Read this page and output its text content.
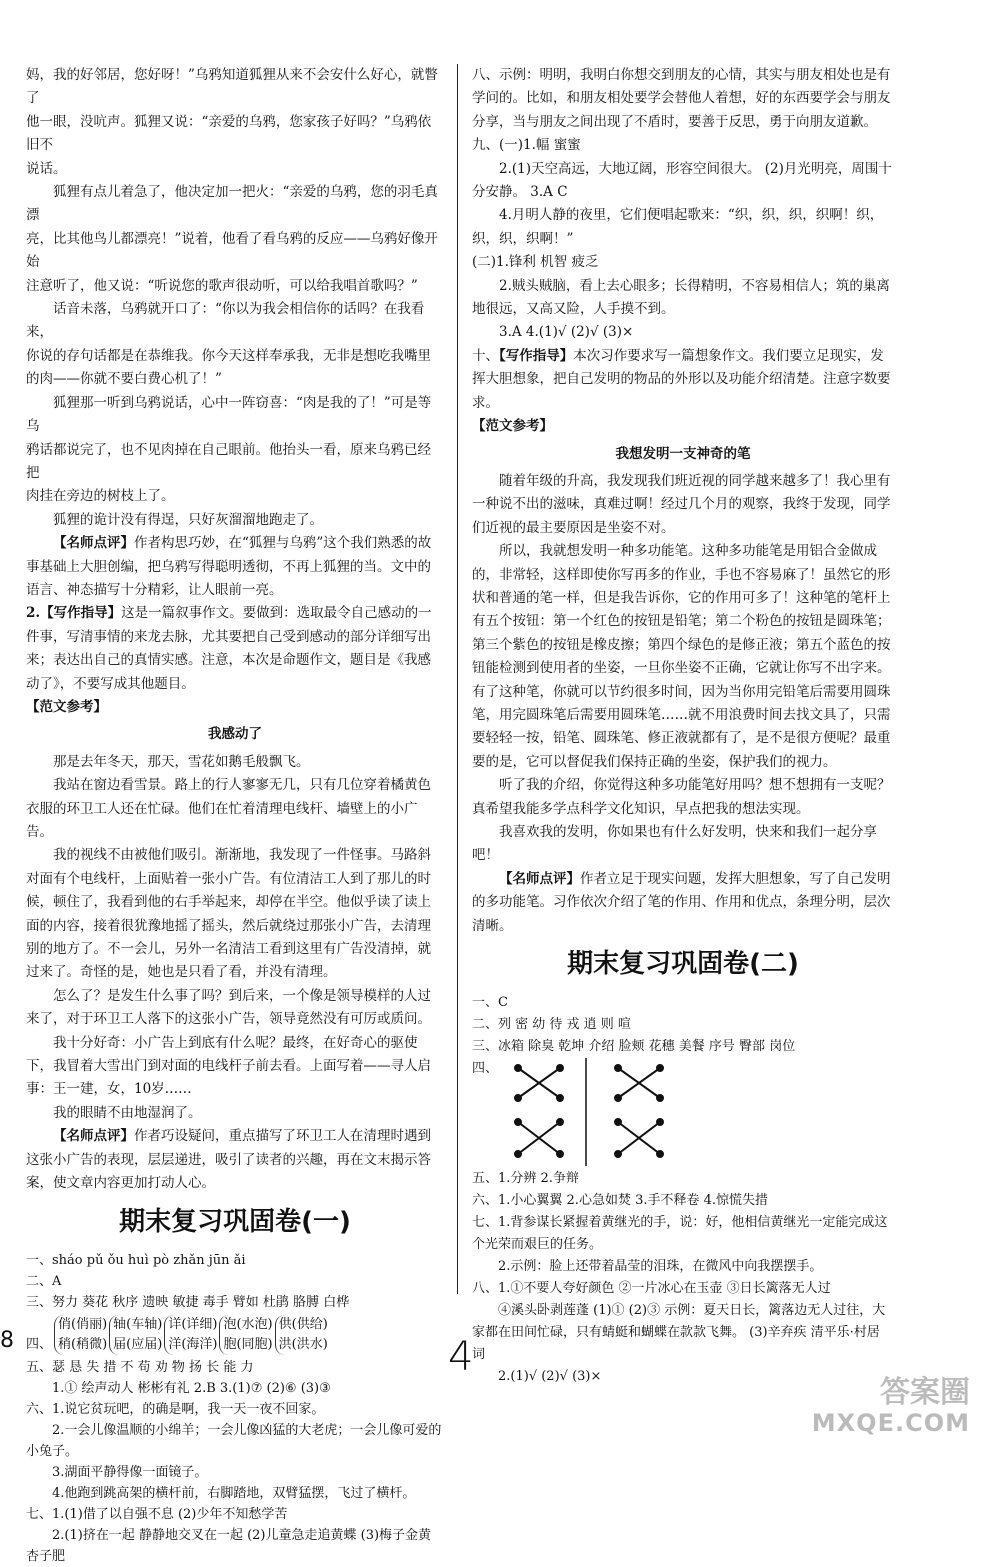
妈，我的好邻居，您好呀！”乌鸦知道狐狸从来不会安什么好心，就瞥了

他一眼，没吭声。狐狸又说：“亲爱的乌鸦，您家孩子好吗？”乌鸦依旧不

说话。

狐狸有点儿着急了，他决定加一把火：“亲爱的乌鸦，您的羽毛真漂

亮，比其他鸟儿都漂亮！”说着，他看了看乌鸦的反应——乌鸦好像开始

注意听了，他又说：“听说您的歌声很动听，可以给我唱首歌吗？”

话音未落，乌鸦就开口了：“你以为我会相信你的话吗？在我看来，

你说的存句话都是在恭维我。你今天这样奉承我，无非是想吃我嘴里

的肉——你就不要白费心机了！”

狐狸那一听到乌鸦说话，心中一阵窃喜：“肉是我的了！”可是等乌

鸦话都说完了，也不见肉掉在自己眼前。他抬头一看，原来乌鸦已经把

肉挂在旁边的树枝上了。

狐狸的诡计没有得逞，只好灰溜溜地跑走了。

【名师点评】作者构思巧妙，在“狐狸与乌鸦”这个我们熟悉的故事基础上大胆创编，把乌鸦写得聪明透彻，不再上狐狸的当。文中的语言、神态描写十分精彩，让人眼前一亮。

2.【写作指导】这是一篇叙事作文。要做到：选取最令自己感动的一件事，写清事情的来龙去脉，尤其要把自己受到感动的部分详细写出来；表达出自己的真情实感。注意，本次是命题作文，题目是《我感动了》，不要写成其他题目。

【范文参考】

我感动了

那是去年冬天，那天，雪花如鹅毛般飘飞。

我站在窗边看雪景。路上的行人寥寥无几，只有几位穿着橘黄色衣服的环卫工人还在忙碌。他们在忙着清理电线杆、墙壁上的小广告。

我的视线不由被他们吸引。渐渐地，我发现了一件怪事。马路斜对面有个电线杆，上面贴着一张小广告。有位清洁工人到了那儿的时候，顿住了，我看到他的右手举起来，却停在半空。他似乎读了读上面的内容，接着很犹豫地摇了摇头，然后就绕过那张小广告，去清理别的地方了。不一会儿，另外一名清洁工看到这里有广告没清掉，就过来了。奇怪的是，她也是只看了看，并没有清理。

怎么了？是发生什么事了吗？到后来，一个像是领导模样的人过来了，对于环卫工人落下的这张小广告，领导竟然没有可厉或质问。

我十分好奇：小广告上到底有什么呢？最终，在好奇心的驱使下，我冒着大雪出门到对面的电线杆子前去看。上面写着——寻人启事：王一建，女，10岁……

我的眼睛不由地湿润了。

【名师点评】作者巧设疑问，重点描写了环卫工人在清理时遇到这张小广告的表现，层层递进，吸引了读者的兴趣，再在文末揭示答案，使文章内容更加打动人心。

期末复习巩固卷(一)

一、sháo pǔ ǒu huì pò zhǎn jūn ǎi

二、A

三、努力 葵花 秋序 遗映 敏捷 毒手 臂如 杜鹃 胳膊 白桦

四、
俏(俏丽)
稍(稍微)
轴(车轴)
届(应届)
详(详细)
洋(海洋)
泡(水泡)
胞(同胞)
供(供给)
洪(洪水)

五、瑟 恳 失 措 不 苟 劝 物 扬 长 能 力

1.① 绘声动人 彬彬有礼 2.B 3.(1)⑦ (2)⑥ (3)③

六、1.说它贫玩吧，的确是啊，我一天一夜不回家。

2.一会儿像温顺的小绵羊；一会儿像凶猛的大老虎；一会儿像可爱的小兔子。

3.湖面平静得像一面镜子。

4.他跑到跳高架的横杆前，右脚踏地，双臂猛摆，飞过了横杆。

七、1.(1)借了以自强不息 (2)少年不知愁学苦

2.(1)挤在一起 静静地交叉在一起 (2)儿童急走追黄蝶 (3)梅子金黄杏子肥

八、示例：明明，我明白你想交到朋友的心情，其实与朋友相处也是有学问的。比如，和朋友相处要学会替他人着想，好的东西要学会与朋友分享，当与朋友之间出现了不盾时，要善于反思，勇于向朋友道歉。

九、(一)1.幅 蜜蜜

2.(1)天空高远，大地辽阔，形容空间很大。 (2)月光明亮，周围十分安静。 3.A C

4.月明人静的夜里，它们便唱起歌来：“织，织，织，织啊！织，织，织，织啊！”

(二)1.锋利 机智 疲乏

2.贼头贼脑，看上去心眼多；长得精明，不容易相信人；筑的巢离地很远，又高又险，人手摸不到。

3.A 4.(1)√ (2)√ (3)×

十、【写作指导】本次习作要求写一篇想象作文。我们要立足现实，发挥大胆想象，把自己发明的物品的外形以及功能介绍清楚。注意字数要求。

【范文参考】

我想发明一支神奇的笔

随着年级的升高，我发现我们班近视的同学越来越多了！我心里有一种说不出的滋味，真难过啊！经过几个月的观察，我终于发现，同学们近视的最主要原因是坐姿不对。

所以，我就想发明一种多功能笔。这种多功能笔是用铝合金做成的，非常轻，这样即使你写再多的作业，手也不容易麻了！虽然它的形状和普通的笔一样，但是我告诉你，它的作用可多了！这种笔的笔杆上有五个按钮：第一个红色的按钮是铅笔；第二个粉色的按钮是圆珠笔；第三个紫色的按钮是橡皮擦；第四个绿色的是修正液；第五个蓝色的按钮能检测到使用者的坐姿，一旦你坐姿不正确，它就让你写不出字来。有了这种笔，你就可以节约很多时间，因为当你用完铅笔后需要用圆珠笔，用完圆珠笔后需要用圆珠笔……就不用浪费时间去找文具了，只需要轻轻一按，铅笔、圆珠笔、修正液就都有了，是不是很方便呢？最重要的是，它可以督促我们保持正确的坐姿，保护我们的视力。

听了我的介绍，你觉得这种多功能笔好用吗？想不想拥有一支呢？真希望我能多学点科学文化知识，早点把我的想法实现。

我喜欢我的发明，你如果也有什么好发明，快来和我们一起分享吧！

【名师点评】作者立足于现实问题，发挥大胆想象，写了自己发明的多功能笔。习作依次介绍了笔的作用、作用和优点，条理分明，层次清晰。

期末复习巩固卷(二)

一、C

二、列 密 幼 待 戎 逍 则 喧

三、冰箱 除臭 乾坤 介绍 脸颊 花穗 美餐 序号 臀部 岗位

四、

五、1.分辨 2.争辩

六、1.小心翼翼 2.心急如焚 3.手不释卷 4.惊慌失措

七、1.背参谋长紧握着黄继光的手，说：好，他相信黄继光一定能完成这个光荣而艰巨的任务。

2.示例：脸上还带着晶莹的泪珠，在微风中向我摆摆手。

八、1.①不要人夸好颜色 ②一片冰心在玉壶 ③日长篱落无人过

④溪头卧剥莲蓬 (1)① (2)③ 示例：夏天日长，篱落边无人过往，大家都在田间忙碌，只有蜻蜓和蝴蝶在款款飞舞。 (3)辛弃疾 清平乐·村居 词

2.(1)√ (2)√ (3)×

8	4
答案圈
MXQE.COM
